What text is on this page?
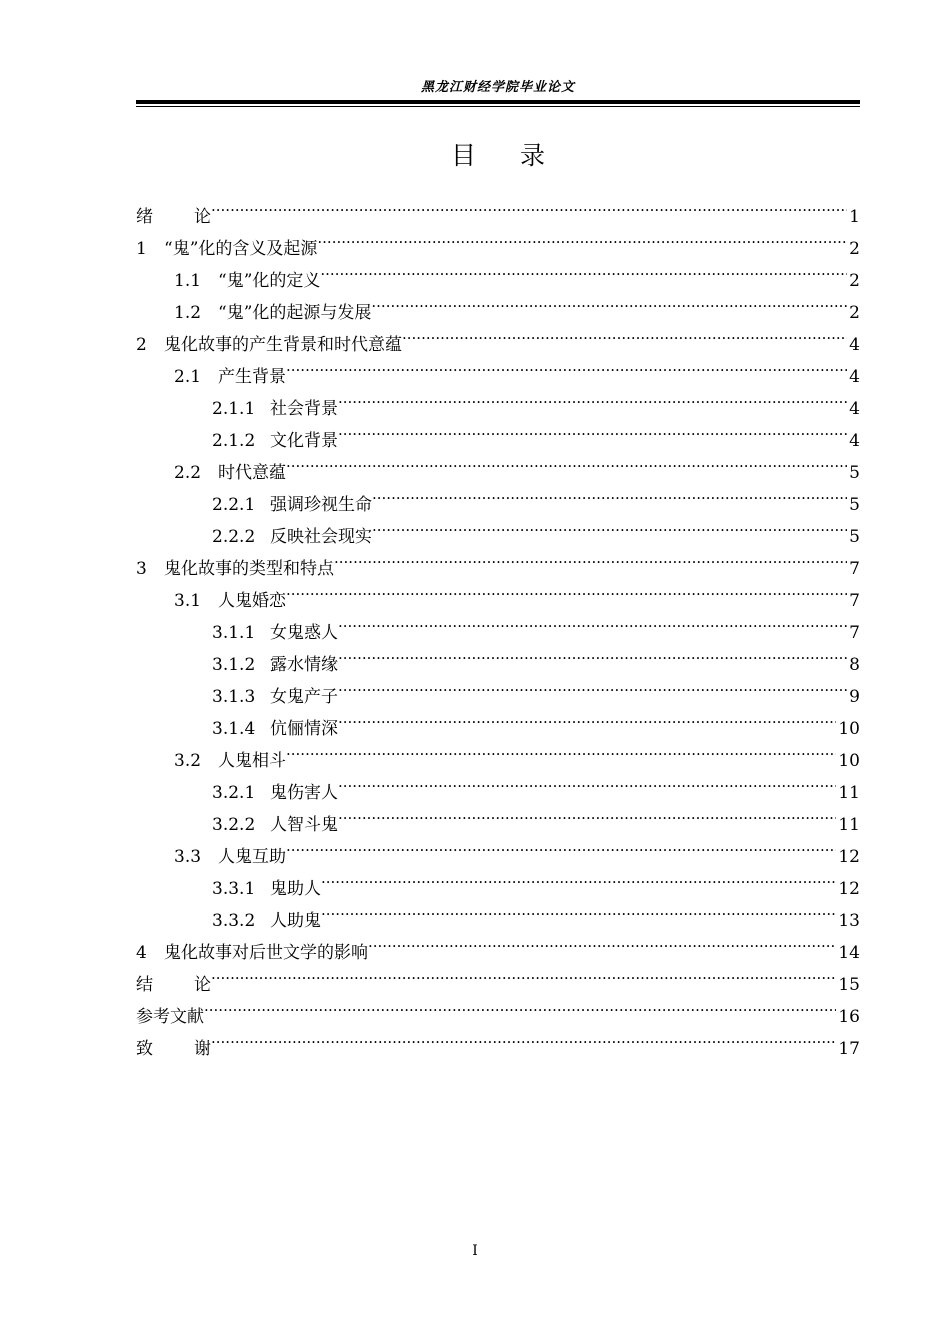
黑龙江财经学院毕业论文
目 录
绪 论 .....	1
1	“鬼”化的含义及起源 .....	2
1.1 “鬼”化的定义 .....	2
1.2 “鬼”化的起源与发展 .....	2
2	鬼化故事的产生背景和时代意蕴 .....	4
2.1 产生背景 .....	4
2.1.1 社会背景 .....	4
2.1.2 文化背景 .....	4
2.2 时代意蕴 .....	5
2.2.1 强调珍视生命 .....	5
2.2.2 反映社会现实 .....	5
3	鬼化故事的类型和特点 .....	7
3.1 人鬼婚恋 .....	7
3.1.1 女鬼惑人 .....	7
3.1.2 露水情缘 .....	8
3.1.3 女鬼产子 .....	9
3.1.4 伉俪情深 .....	10
3.2 人鬼相斗 .....	10
3.2.1 鬼伤害人 .....	11
3.2.2 人智斗鬼 .....	11
3.3 人鬼互助 .....	12
3.3.1 鬼助人 .....	12
3.3.2 人助鬼 .....	13
4	鬼化故事对后世文学的影响 .....	14
结 论 .....	15
参考文献 .....	16
致 谢 .....	17
I
